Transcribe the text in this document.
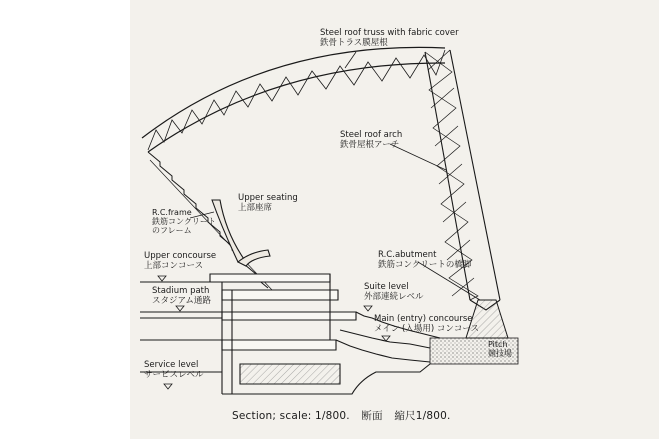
Steel roof truss with fabric cover
鉄骨トラス膜屋根
Steel roof arch
鉄骨屋根アーチ
Upper seating
上部座席
R.C.frame
鉄筋コンクリート
のフレーム
Upper concourse
上部コンコース
Stadium path
スタジアム通路
Suite level
外部連続レベル
R.C.abutment
鉄筋コンクリートの橋脚
Main (entry) concourse
メイン (入場用) コンコース
Pitch
競技場
Service level
サービスレベル
Section; scale: 1/800. 断面 縮尺1/800.
